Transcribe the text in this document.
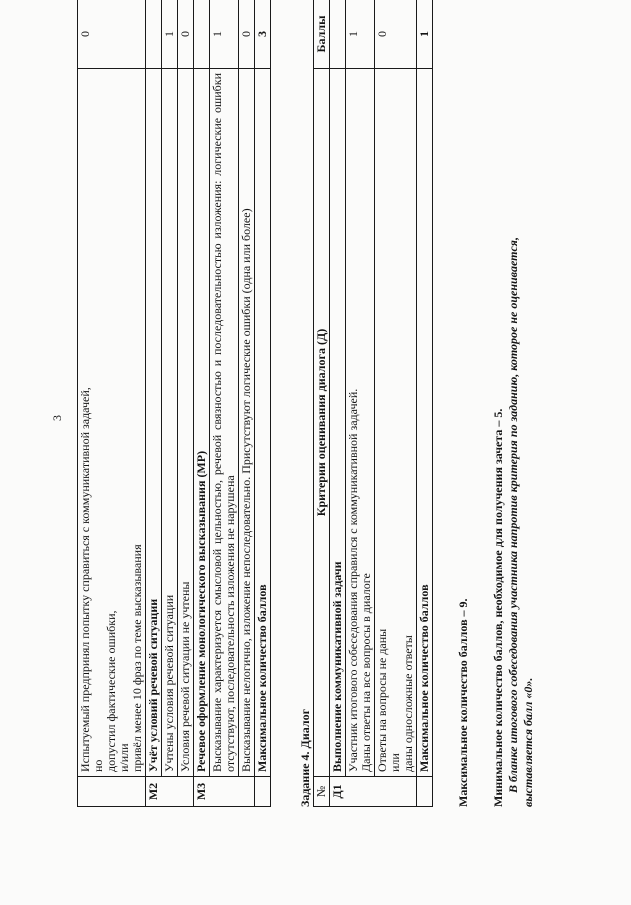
3

	Испытуемый предпринял попытку справиться с коммуникативной задачей, но допустил фактические ошибки, и/или привёл менее 10 фраз по теме высказывания	0
М2	Учёт условий речевой ситуации	
	Учтены условия речевой ситуации	1
	Условия речевой ситуации не учтены	0
М3	Речевое оформление монологического высказывания (МР)	
	Высказывание характеризуется смысловой цельностью, речевой связностью и последовательностью изложения: логические ошибки отсутствуют, последовательность изложения не нарушена	1
	Высказывание нелогично, изложение непоследовательно. Присутствуют логические ошибки (одна или более)	0
	Максимальное количество баллов	3
Задание 4. Диалог №	Критерии оценивания диалога (Д)	Баллы
Д1	Выполнение коммуникативной задачи	

	Участник итогового собеседования справился с коммуникативной задачей. Даны ответы на все вопросы в диалоге	1

	Ответы на вопросы не даны или даны односложные ответы	0
	Максимальное количество баллов	1
Максимальное количество баллов – 9. Минимальное количество баллов, необходимое для получения зачета – 5. В бланке итогового собеседования участника напротив критерия по заданию, которое не оценивается, выставляется балл «0».
